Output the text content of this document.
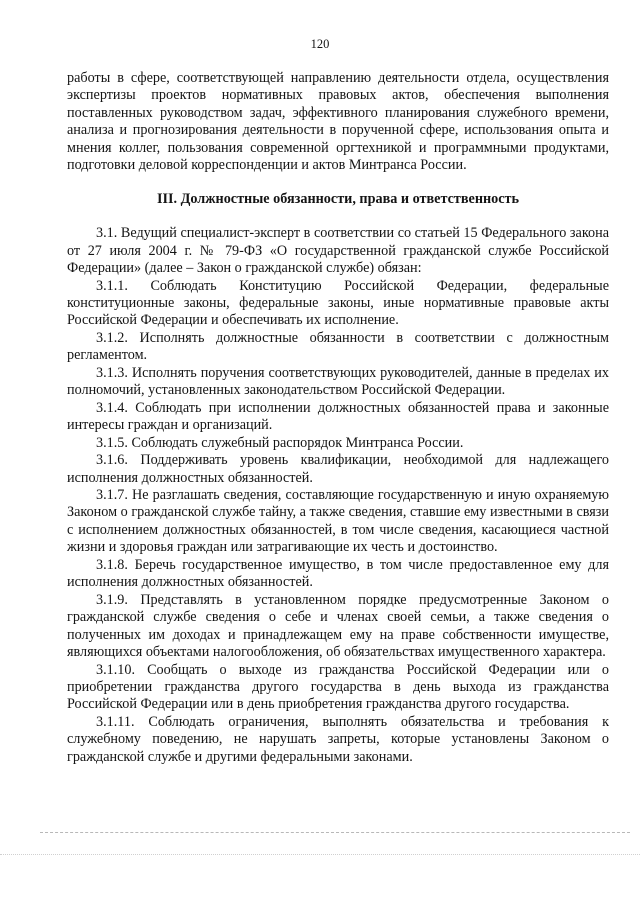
120

работы в сфере, соответствующей направлению деятельности отдела, осуществления экспертизы проектов нормативных правовых актов, обеспечения выполнения поставленных руководством задач, эффективного планирования служебного времени, анализа и прогнозирования деятельности в порученной сфере, использования опыта и мнения коллег, пользования современной оргтехникой и программными продуктами, подготовки деловой корреспонденции и актов Минтранса России.

III. Должностные обязанности, права и ответственность

3.1. Ведущий специалист-эксперт в соответствии со статьей 15 Федерального закона от 27 июля 2004 г. № 79-ФЗ «О государственной гражданской службе Российской Федерации» (далее – Закон о гражданской службе) обязан:

3.1.1. Соблюдать Конституцию Российской Федерации, федеральные конституционные законы, федеральные законы, иные нормативные правовые акты Российской Федерации и обеспечивать их исполнение.

3.1.2. Исполнять должностные обязанности в соответствии с должностным регламентом.

3.1.3. Исполнять поручения соответствующих руководителей, данные в пределах их полномочий, установленных законодательством Российской Федерации.

3.1.4. Соблюдать при исполнении должностных обязанностей права и законные интересы граждан и организаций.

3.1.5. Соблюдать служебный распорядок Минтранса России.

3.1.6. Поддерживать уровень квалификации, необходимой для надлежащего исполнения должностных обязанностей.

3.1.7. Не разглашать сведения, составляющие государственную и иную охраняемую Законом о гражданской службе тайну, а также сведения, ставшие ему известными в связи с исполнением должностных обязанностей, в том числе сведения, касающиеся частной жизни и здоровья граждан или затрагивающие их честь и достоинство.

3.1.8. Беречь государственное имущество, в том числе предоставленное ему для исполнения должностных обязанностей.

3.1.9. Представлять в установленном порядке предусмотренные Законом о гражданской службе сведения о себе и членах своей семьи, а также сведения о полученных им доходах и принадлежащем ему на праве собственности имуществе, являющихся объектами налогообложения, об обязательствах имущественного характера.

3.1.10. Сообщать о выходе из гражданства Российской Федерации или о приобретении гражданства другого государства в день выхода из гражданства Российской Федерации или в день приобретения гражданства другого государства.

3.1.11. Соблюдать ограничения, выполнять обязательства и требования к служебному поведению, не нарушать запреты, которые установлены Законом о гражданской службе и другими федеральными законами.
